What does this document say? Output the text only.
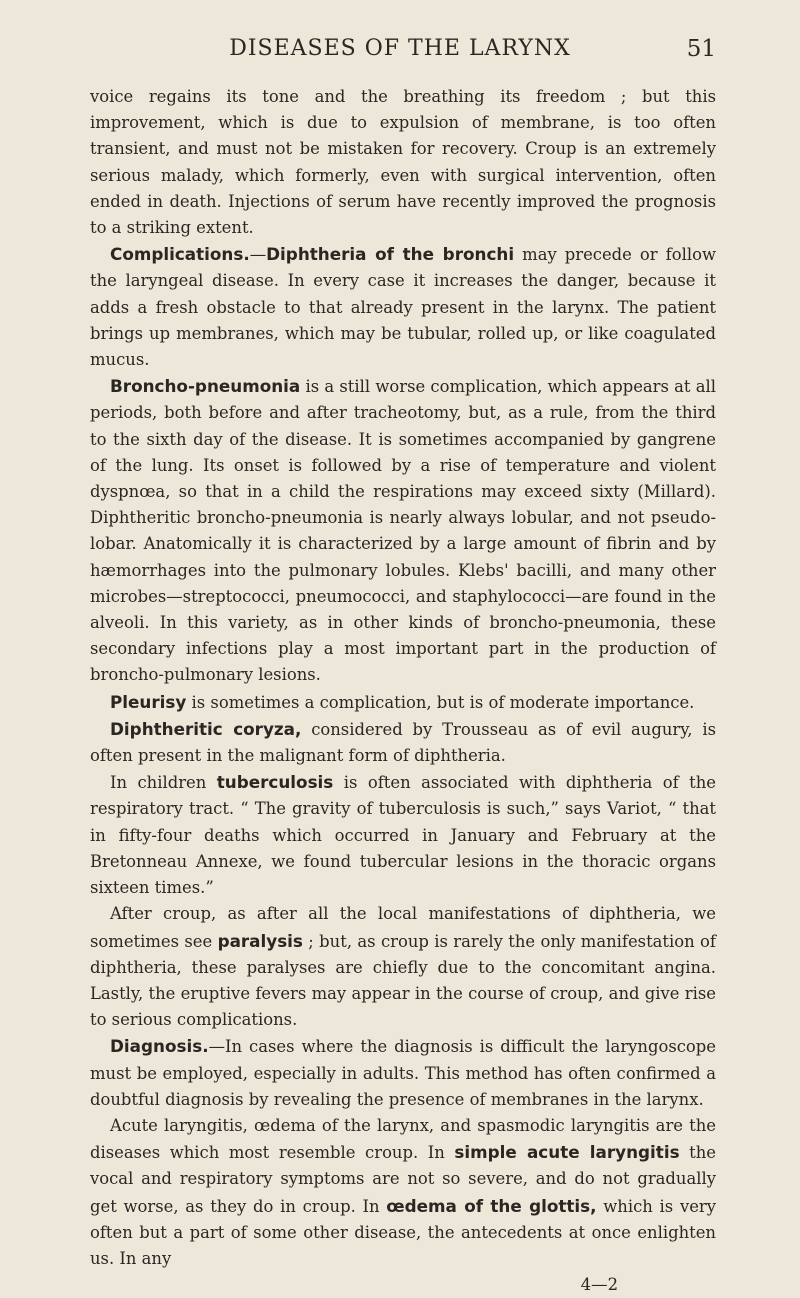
DISEASES OF THE LARYNX	51

voice regains its tone and the breathing its freedom ; but this improvement, which is due to expulsion of membrane, is too often transient, and must not be mistaken for recovery. Croup is an extremely serious malady, which formerly, even with surgical intervention, often ended in death. Injections of serum have recently improved the prognosis to a striking extent.

Complications.—Diphtheria of the bronchi may precede or follow the laryngeal disease. In every case it increases the danger, because it adds a fresh obstacle to that already present in the larynx. The patient brings up membranes, which may be tubular, rolled up, or like coagulated mucus.

Broncho-pneumonia is a still worse complication, which appears at all periods, both before and after tracheotomy, but, as a rule, from the third to the sixth day of the disease. It is sometimes accompanied by gangrene of the lung. Its onset is followed by a rise of temperature and violent dyspnœa, so that in a child the respirations may exceed sixty (Millard). Diphtheritic broncho-pneumonia is nearly always lobular, and not pseudo-lobar. Anatomically it is characterized by a large amount of fibrin and by hæmorrhages into the pulmonary lobules. Klebs' bacilli, and many other microbes—streptococci, pneumococci, and staphylococci—are found in the alveoli. In this variety, as in other kinds of broncho-pneumonia, these secondary infections play a most important part in the production of broncho-pulmonary lesions.

Pleurisy is sometimes a complication, but is of moderate importance.

Diphtheritic coryza, considered by Trousseau as of evil augury, is often present in the malignant form of diphtheria.

In children tuberculosis is often associated with diphtheria of the respiratory tract. “ The gravity of tuberculosis is such,” says Variot, “ that in fifty-four deaths which occurred in January and February at the Bretonneau Annexe, we found tubercular lesions in the thoracic organs sixteen times.”

After croup, as after all the local manifestations of diphtheria, we sometimes see paralysis ; but, as croup is rarely the only manifestation of diphtheria, these paralyses are chiefly due to the concomitant angina. Lastly, the eruptive fevers may appear in the course of croup, and give rise to serious complications.

Diagnosis.—In cases where the diagnosis is difficult the laryngoscope must be employed, especially in adults. This method has often confirmed a doubtful diagnosis by revealing the presence of membranes in the larynx.

Acute laryngitis, œdema of the larynx, and spasmodic laryngitis are the diseases which most resemble croup. In simple acute laryngitis the vocal and respiratory symptoms are not so severe, and do not gradually get worse, as they do in croup. In œdema of the glottis, which is very often but a part of some other disease, the antecedents at once enlighten us. In any

4—2
